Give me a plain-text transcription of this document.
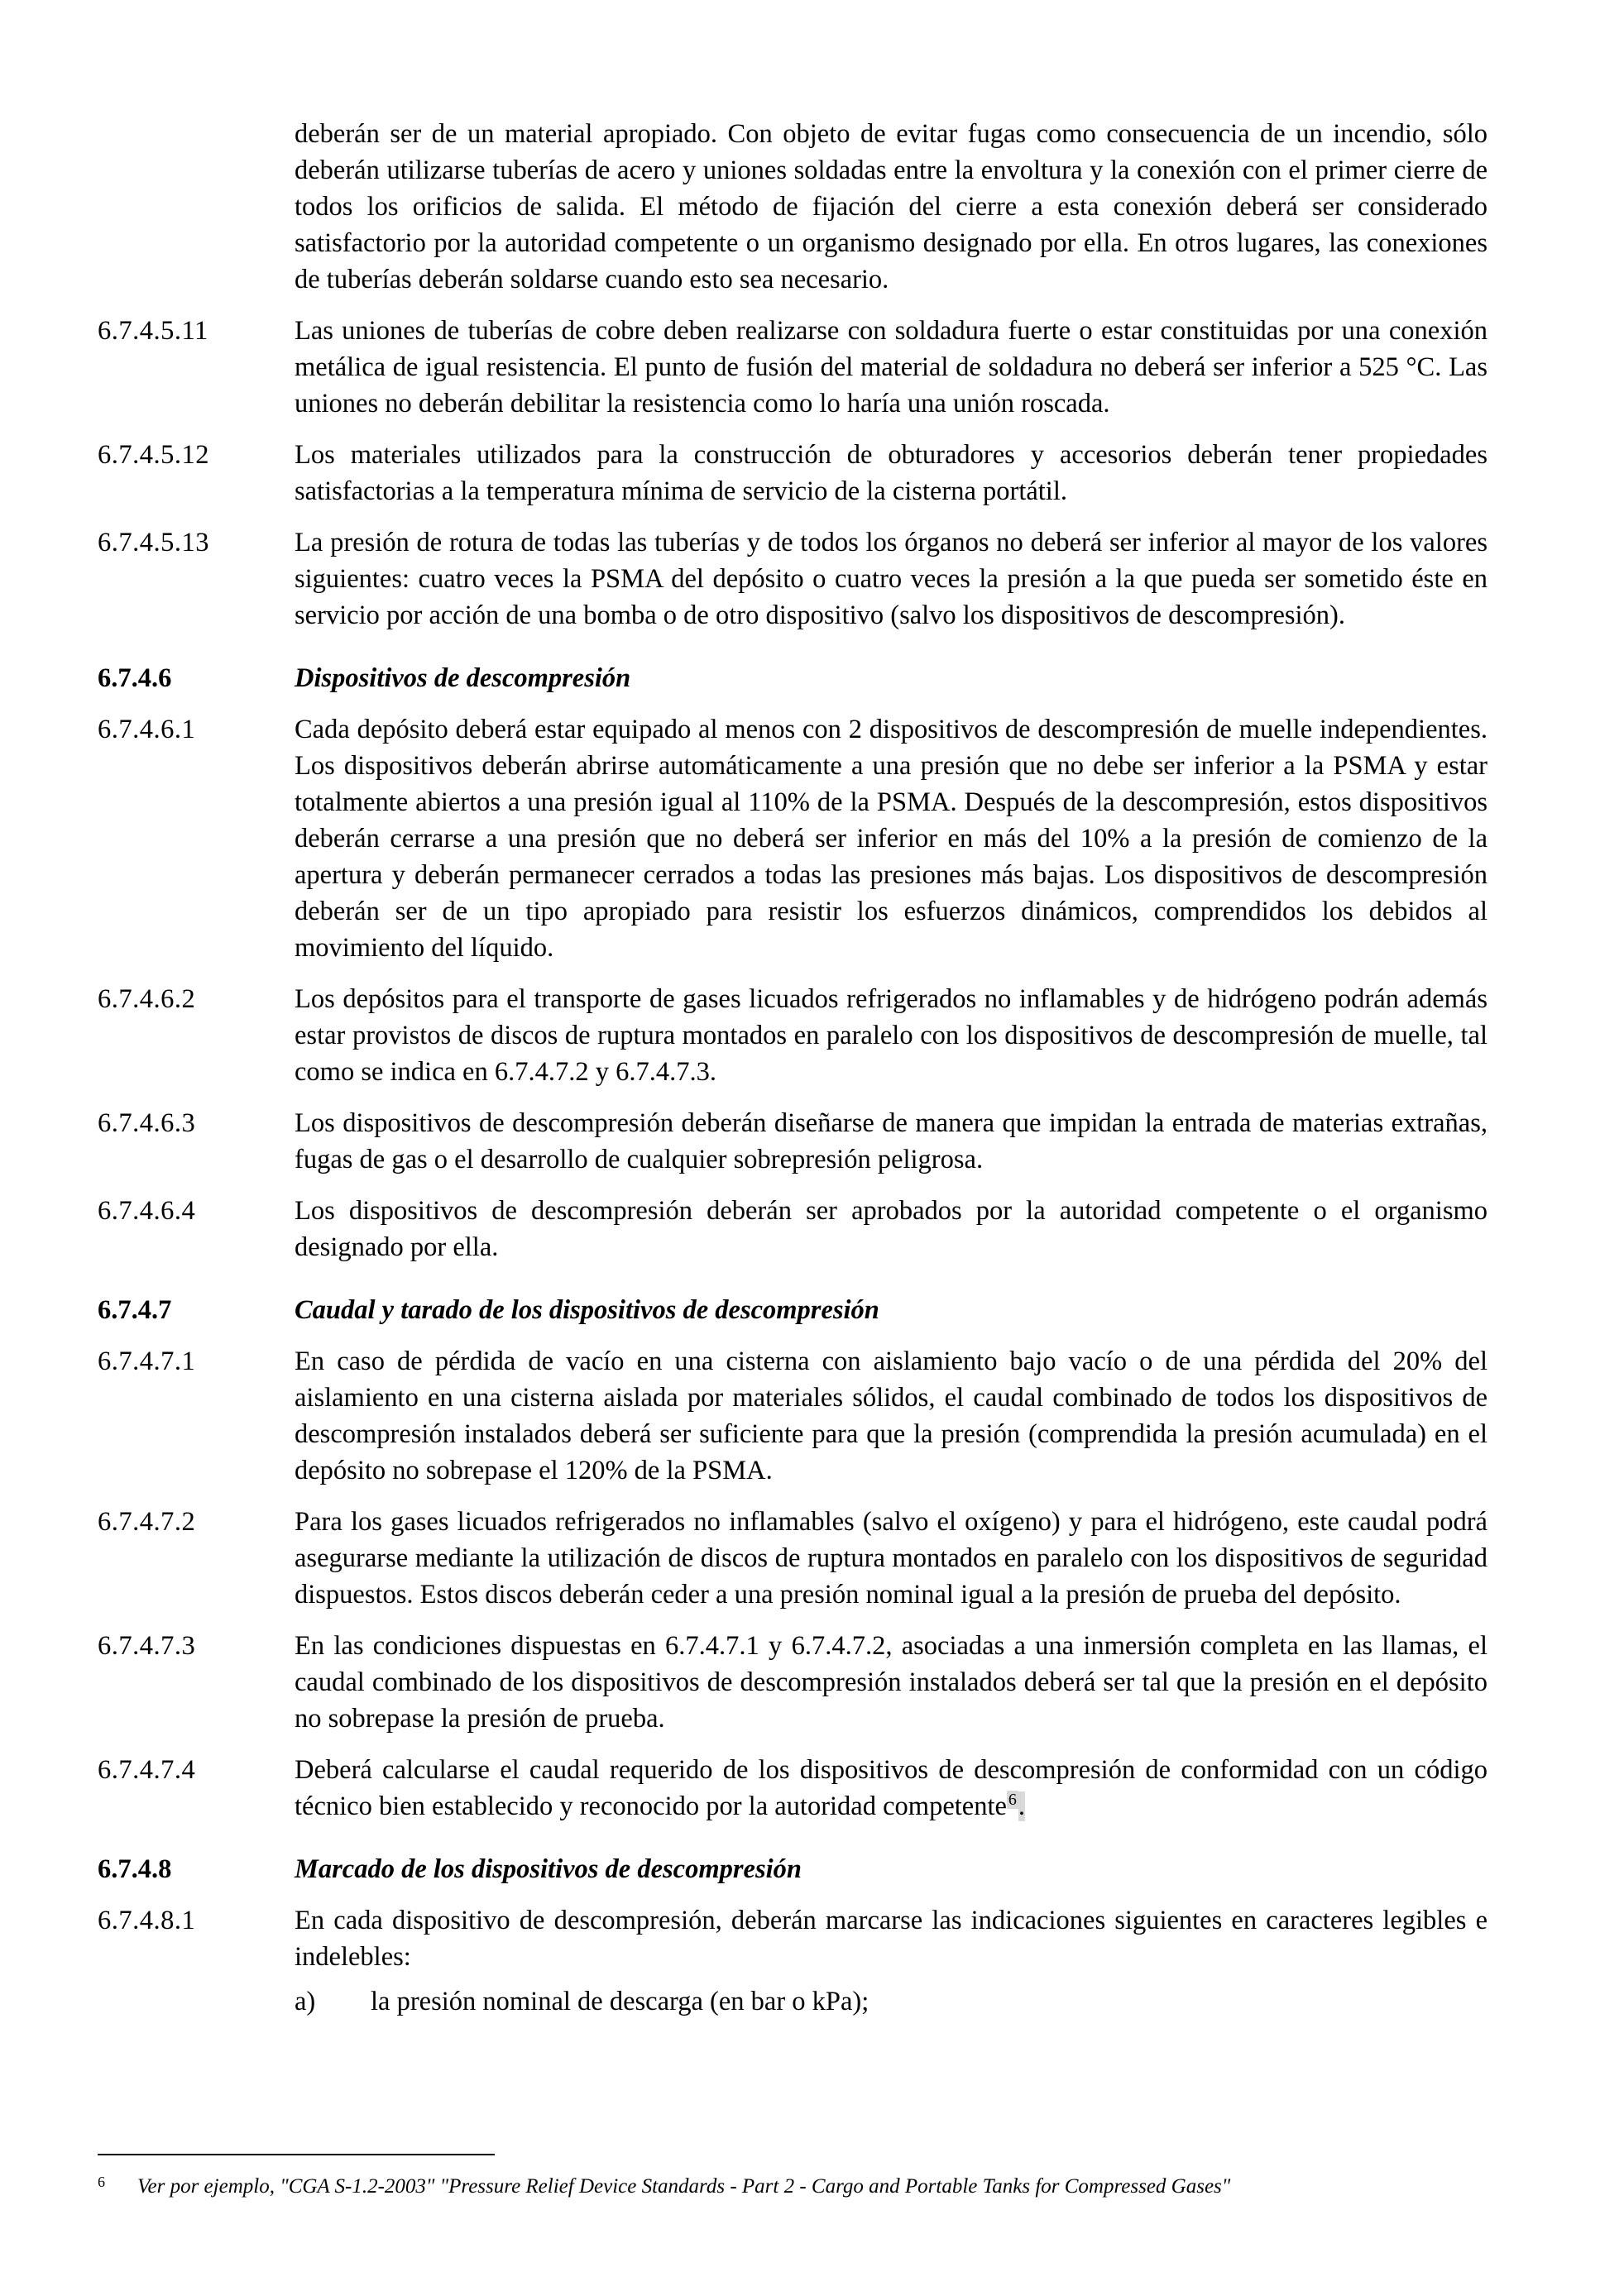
deberán ser de un material apropiado. Con objeto de evitar fugas como consecuencia de un incendio, sólo deberán utilizarse tuberías de acero y uniones soldadas entre la envoltura y la conexión con el primer cierre de todos los orificios de salida. El método de fijación del cierre a esta conexión deberá ser considerado satisfactorio por la autoridad competente o un organismo designado por ella. En otros lugares, las conexiones de tuberías deberán soldarse cuando esto sea necesario.
6.7.4.5.11	Las uniones de tuberías de cobre deben realizarse con soldadura fuerte o estar constituidas por una conexión metálica de igual resistencia. El punto de fusión del material de soldadura no deberá ser inferior a 525 °C. Las uniones no deberán debilitar la resistencia como lo haría una unión roscada.
6.7.4.5.12	Los materiales utilizados para la construcción de obturadores y accesorios deberán tener propiedades satisfactorias a la temperatura mínima de servicio de la cisterna portátil.
6.7.4.5.13	La presión de rotura de todas las tuberías y de todos los órganos no deberá ser inferior al mayor de los valores siguientes: cuatro veces la PSMA del depósito o cuatro veces la presión a la que pueda ser sometido éste en servicio por acción de una bomba o de otro dispositivo (salvo los dispositivos de descompresión).
6.7.4.6	Dispositivos de descompresión
6.7.4.6.1	Cada depósito deberá estar equipado al menos con 2 dispositivos de descompresión de muelle independientes. Los dispositivos deberán abrirse automáticamente a una presión que no debe ser inferior a la PSMA y estar totalmente abiertos a una presión igual al 110% de la PSMA. Después de la descompresión, estos dispositivos deberán cerrarse a una presión que no deberá ser inferior en más del 10% a la presión de comienzo de la apertura y deberán permanecer cerrados a todas las presiones más bajas. Los dispositivos de descompresión deberán ser de un tipo apropiado para resistir los esfuerzos dinámicos, comprendidos los debidos al movimiento del líquido.
6.7.4.6.2	Los depósitos para el transporte de gases licuados refrigerados no inflamables y de hidrógeno podrán además estar provistos de discos de ruptura montados en paralelo con los dispositivos de descompresión de muelle, tal como se indica en 6.7.4.7.2 y 6.7.4.7.3.
6.7.4.6.3	Los dispositivos de descompresión deberán diseñarse de manera que impidan la entrada de materias extrañas, fugas de gas o el desarrollo de cualquier sobrepresión peligrosa.
6.7.4.6.4	Los dispositivos de descompresión deberán ser aprobados por la autoridad competente o el organismo designado por ella.
6.7.4.7	Caudal y tarado de los dispositivos de descompresión
6.7.4.7.1	En caso de pérdida de vacío en una cisterna con aislamiento bajo vacío o de una pérdida del 20% del aislamiento en una cisterna aislada por materiales sólidos, el caudal combinado de todos los dispositivos de descompresión instalados deberá ser suficiente para que la presión (comprendida la presión acumulada) en el depósito no sobrepase el 120% de la PSMA.
6.7.4.7.2	Para los gases licuados refrigerados no inflamables (salvo el oxígeno) y para el hidrógeno, este caudal podrá asegurarse mediante la utilización de discos de ruptura montados en paralelo con los dispositivos de seguridad dispuestos. Estos discos deberán ceder a una presión nominal igual a la presión de prueba del depósito.
6.7.4.7.3	En las condiciones dispuestas en 6.7.4.7.1 y 6.7.4.7.2, asociadas a una inmersión completa en las llamas, el caudal combinado de los dispositivos de descompresión instalados deberá ser tal que la presión en el depósito no sobrepase la presión de prueba.
6.7.4.7.4	Deberá calcularse el caudal requerido de los dispositivos de descompresión de conformidad con un código técnico bien establecido y reconocido por la autoridad competente $^6$.
6.7.4.8	Marcado de los dispositivos de descompresión
6.7.4.8.1	En cada dispositivo de descompresión, deberán marcarse las indicaciones siguientes en caracteres legibles e indelebles:
a)	la presión nominal de descarga (en bar o kPa);
6	Ver por ejemplo, "CGA S-1.2-2003" "Pressure Relief Device Standards - Part 2 - Cargo and Portable Tanks for Compressed Gases"
